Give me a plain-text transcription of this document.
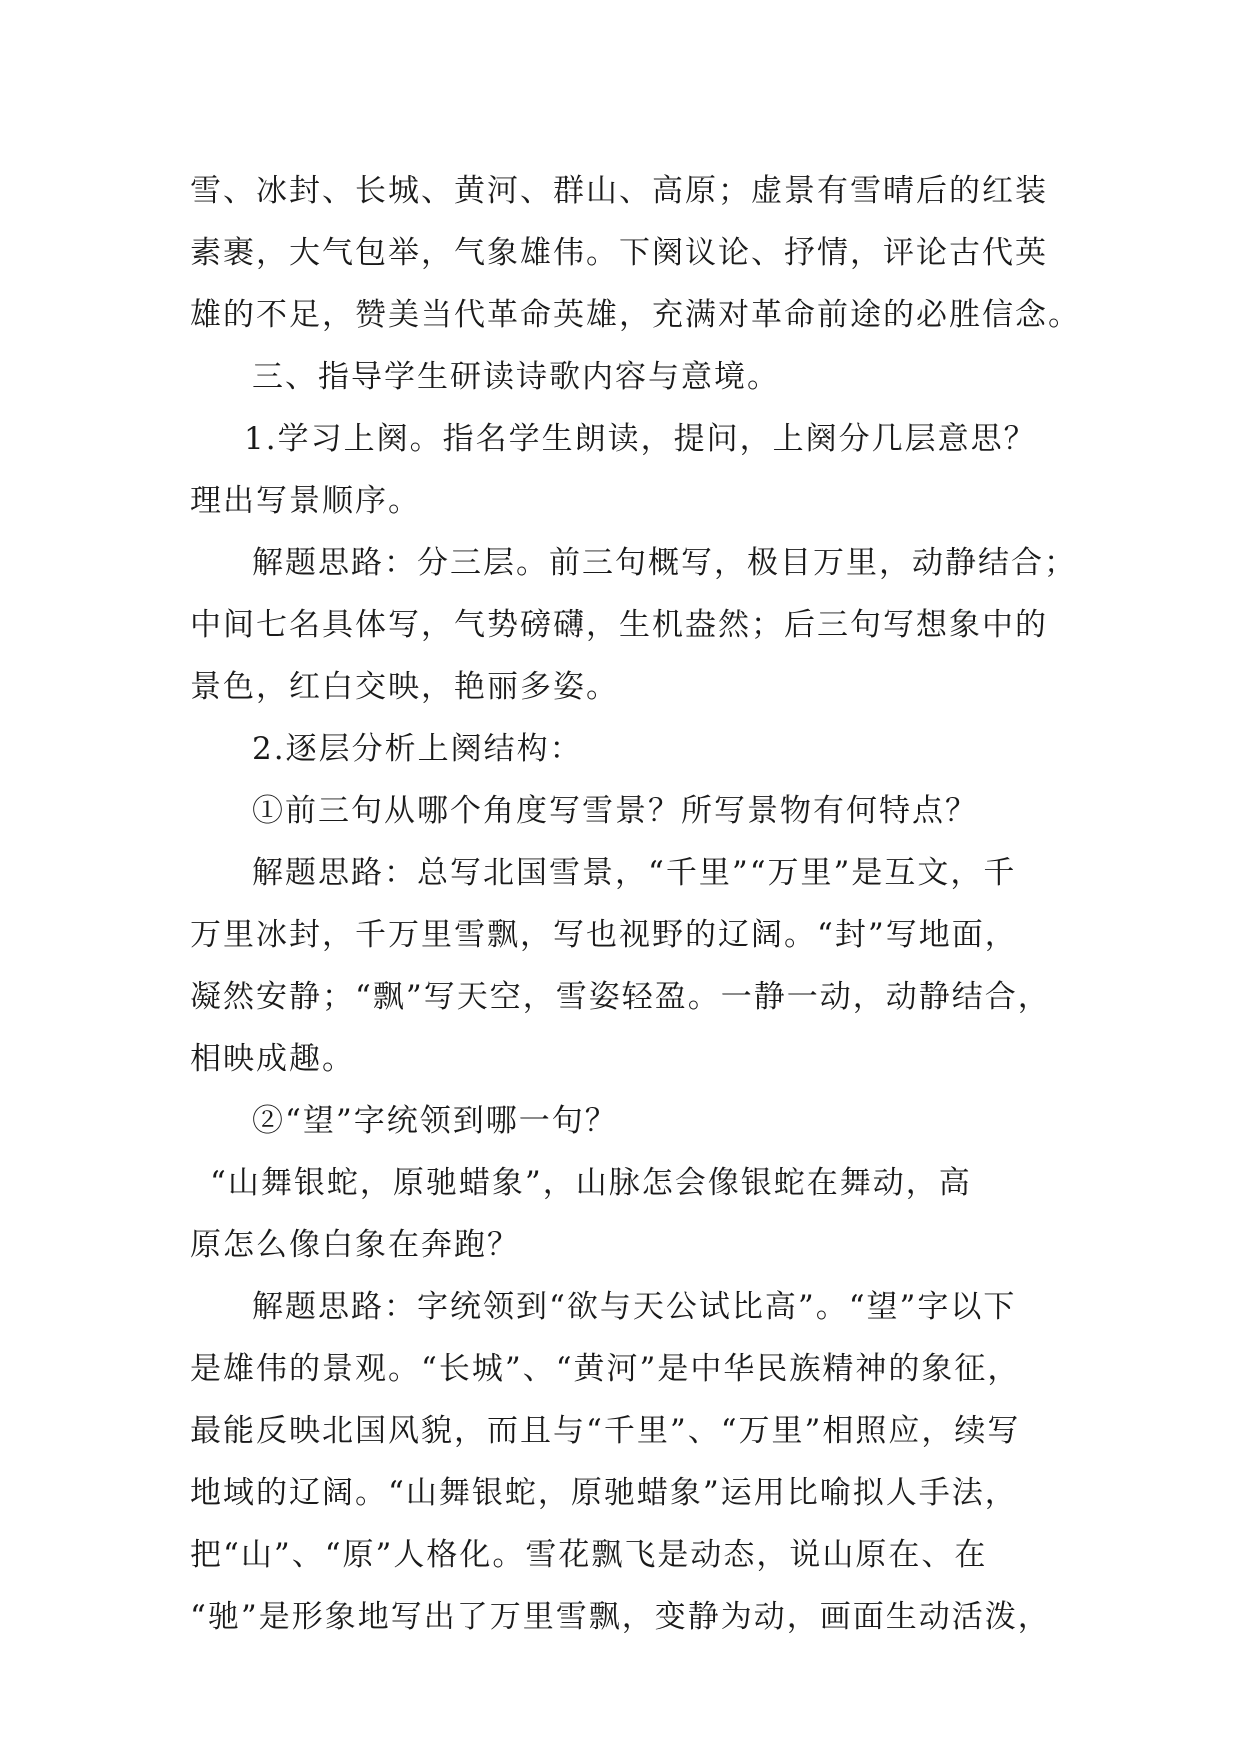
雪、冰封、长城、黄河、群山、高原；虚景有雪晴后的红装
素裹，大气包举，气象雄伟。下阕议论、抒情，评论古代英
雄的不足，赞美当代革命英雄，充满对革命前途的必胜信念。
三、指导学生研读诗歌内容与意境。
1.学习上阕。指名学生朗读，提问，上阕分几层意思？
理出写景顺序。
解题思路：分三层。前三句概写，极目万里，动静结合；
中间七名具体写，气势磅礴，生机盎然；后三句写想象中的
景色，红白交映，艳丽多姿。
2.逐层分析上阕结构：
①前三句从哪个角度写雪景？所写景物有何特点？
解题思路：总写北国雪景，“千里”“万里”是互文，千
万里冰封，千万里雪飘，写也视野的辽阔。“封”写地面，
凝然安静；“飘”写天空，雪姿轻盈。一静一动，动静结合，
相映成趣。
②“望”字统领到哪一句？
“山舞银蛇，原驰蜡象”，山脉怎会像银蛇在舞动，高
原怎么像白象在奔跑？
解题思路：字统领到“欲与天公试比高”。“望”字以下
是雄伟的景观。“长城”、“黄河”是中华民族精神的象征，
最能反映北国风貌，而且与“千里”、“万里”相照应，续写
地域的辽阔。“山舞银蛇，原驰蜡象”运用比喻拟人手法，
把“山”、“原”人格化。雪花飘飞是动态，说山原在、在
“驰”是形象地写出了万里雪飘，变静为动，画面生动活泼，
